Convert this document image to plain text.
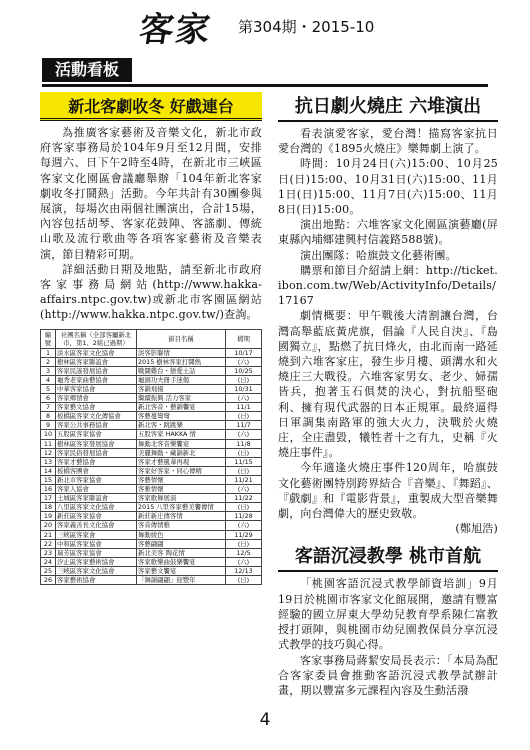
客家 第304期・2015-10
活動看板
新北客劇收冬 好戲連台

為推廣客家藝術及音樂文化，新北市政府客家事務局於104年9月至12月間，安排每週六、日下午2時至4時，在新北市三峽區客家文化園區會議廳舉辦「104年新北客家劇收冬打鬪熱」活動。今年共計有30團參與展演，每場次由兩個社團演出，合計15場，內容包括胡琴、客家花鼓陣、客謠劇、傳統山歌及流行歌曲等各項客家藝術及音樂表演，節目精彩可期。

詳細活動日期及地點，請至新北市政府客家事務局網站(http://www.hakka-affairs.ntpc.gov.tw)或新北市客園區網站(http://www.hakka.ntpc.gov.tw/)查詢。

編號	社團名稱（全部客屬新北市，第1、2組已過期）	節目名稱	檔期
1	淡水區客家文化協會	淡客影聯情	10/17
2	樹林區客家聯誼會	2015 樹林客家打鬪熱	(六)
3	客家民謠發展協會	戰鬪雞台・戀愛土話	10/25
4	龜秀老家曲藝協會	龜頭功夫冊手迷偈	(日)
5	中華客家協會	客韻飛揚	10/31
6	客家鄉情會	繼續振興 活力客家	(六)
7	客家藝文協會	新北客音・藝韻饗宴	11/1
8	板橋區客家文化傳協會	客藝蔓彎彎	(日)
9	客家公共事務協會	新北客・跳跳樂	11/7
10	五股區客家協會	五股客家 HAKKA 情	(六)
11	樹林區客家發展協會	舞動北客音樂饗宴	11/8
12	客家民俗發展協會	美麗舞動・藏韻新北	(日)
13	客家才藝協會	客家才藝風華再現	11/15
14	板橋客團會	客家好客家・同心傳精	(日)
15	新北市客家協會	客藝情懷	11/21
16	客家人協會	客雅情懷	(六)
17	土城區客家聯誼會	客家歌舞展演	11/22
18	八里區客家文化協會	2015 八里客家藝美饗傳情	(日)
19	新莊區客家協會	新莊新庄傳客情	11/28
20	客家義善長文化協會	客音傳情雅	(六)
21	三峽區客家會	舞動綾色	11/29
22	中和區客家協會	客藝翩翩	(日)
23	瑞芳區客家協會	新北美客 陶花情	12/5
24	汐止區客家藝術協會	客家歌樂曲鼓樂饗宴	(六)
25	三峽區客家文化協會	客家藝文饗宴	12/13
26	客家藝術協會	「舞韻翩翩」迎豐年	(日)
抗日劇火燒庄 六堆演出

看表演愛客家，愛台灣！描寫客家抗日愛台灣的《1895火燒庄》樂舞劇上演了。

時間：10月24日(六)15:00、10月25日(日)15:00、10月31日(六)15:00、11月1日(日)15:00、11月7日(六)15:00、11月8日(日)15:00。

演出地點：六堆客家文化園區演藝廳(屏東縣內埔鄉建興村信義路588號)。

演出團隊：哈旗鼓文化藝術團。

購票和節目介紹請上網：http://ticket.ibon.com.tw/Web/ActivityInfo/Details/17167

劇情概要：甲午戰後大清割讓台灣，台灣高舉藍底黃虎旗，倡論『人民自決』、『島國獨立』，點燃了抗日烽火，由北而南一路延燒到六堆客家庄，發生步月樓、頭溝水和火燒庄三大戰役。六堆客家男女、老少、婦孺皆兵，抱著玉石俱焚的決心，對抗船堅砲利、擁有現代武器的日本正規軍。最終逼得日軍調集南路軍的強大火力，決戰於火燒庄，全庄盡毀，犧牲者十之有九，史稱『火燒庄事件』。

今年適逢火燒庄事件120周年，哈旗鼓文化藝術團特別跨界結合『音樂』、『舞蹈』、『戲劇』和『電影背景』，重製成大型音樂舞劇，向台灣偉大的歷史致敬。

(鄭旭浩)

客語沉浸教學 桃市首航

「桃園客語沉浸式教學師資培訓」9月19日於桃園市客家文化館展開，邀請有豐富經驗的國立屏東大學幼兒教育學系陳仁富教授打頭陣，與桃園市幼兒園教保員分享沉浸式教學的技巧與心得。

客家事務局蔣絜安局長表示：「本局為配合客家委員會推動客語沉浸式教學試辦計畫，期以豐富多元課程內容及生動活潑

4
